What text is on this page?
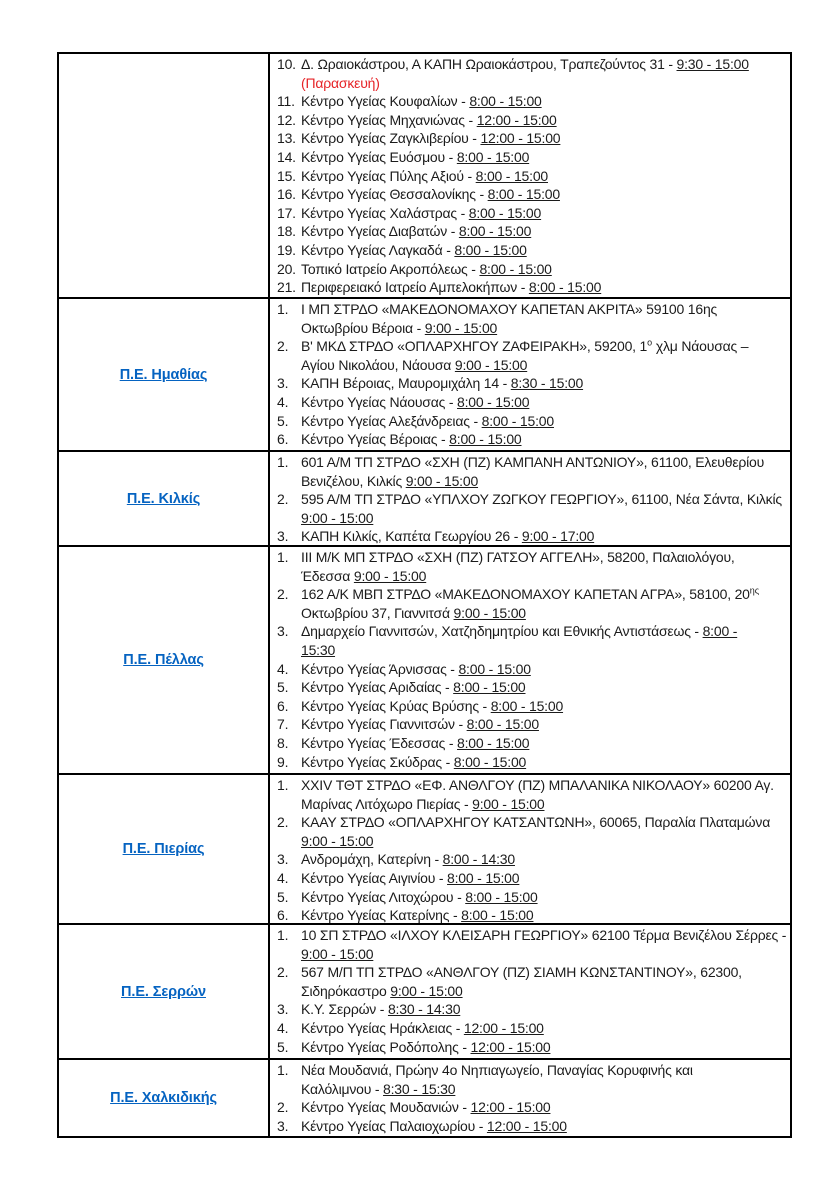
10. Δ. Ωραιοκάστρου, Α ΚΑΠΗ Ωραιοκάστρου, Τραπεζούντος 31 - 9:30 - 15:00
(Παρασκευή)
11. Κέντρο Υγείας Κουφαλίων - 8:00 - 15:00
12. Κέντρο Υγείας Μηχανιώνας - 12:00 - 15:00
13. Κέντρο Υγείας Ζαγκλιβερίου - 12:00 - 15:00
14. Κέντρο Υγείας Ευόσμου - 8:00 - 15:00
15. Κέντρο Υγείας Πύλης Αξιού - 8:00 - 15:00
16. Κέντρο Υγείας Θεσσαλονίκης - 8:00 - 15:00
17. Κέντρο Υγείας Χαλάστρας - 8:00 - 15:00
18. Κέντρο Υγείας Διαβατών - 8:00 - 15:00
19. Κέντρο Υγείας Λαγκαδά - 8:00 - 15:00
20. Τοπικό Ιατρείο Ακροπόλεως - 8:00 - 15:00
21. Περιφερειακό Ιατρείο Αμπελοκήπων - 8:00 - 15:00
Π.Ε. Ημαθίας
1. Ι ΜΠ ΣΤΡΔΟ «ΜΑΚΕΔΟΝΟΜΑΧΟΥ ΚΑΠΕΤΑΝ ΑΚΡΙΤΑ» 59100 16ης
Οκτωβρίου Βέροια - 9:00 - 15:00
2. Β' ΜΚΔ ΣΤΡΔΟ «ΟΠΛΑΡΧΗΓΟΥ ΖΑΦΕΙΡΑΚΗ», 59200, $1^o$ χλμ Νάουσας –
Αγίου Νικολάου, Νάουσα 9:00 - 15:00
3. ΚΑΠΗ Βέροιας, Μαυρομιχάλη 14 - 8:30 - 15:00
4. Κέντρο Υγείας Νάουσας - 8:00 - 15:00
5. Κέντρο Υγείας Αλεξάνδρειας - 8:00 - 15:00
6. Κέντρο Υγείας Βέροιας - 8:00 - 15:00
Π.Ε. Κιλκίς
1. 601 Α/Μ ΤΠ ΣΤΡΔΟ «ΣΧΗ (ΠΖ) ΚΑΜΠΑΝΗ ΑΝΤΩΝΙΟΥ», 61100, Ελευθερίου
Βενιζέλου, Κιλκίς 9:00 - 15:00
2. 595 Α/Μ ΤΠ ΣΤΡΔΟ «ΥΠΛΧΟΥ ΖΩΓΚΟΥ ΓΕΩΡΓΙΟΥ», 61100, Νέα Σάντα, Κιλκίς
9:00 - 15:00
3. ΚΑΠΗ Κιλκίς, Καπέτα Γεωργίου 26 - 9:00 - 17:00
Π.Ε. Πέλλας
1. ΙΙΙ Μ/Κ ΜΠ ΣΤΡΔΟ «ΣΧΗ (ΠΖ) ΓΑΤΣΟΥ ΑΓΓΕΛΗ», 58200, Παλαιολόγου,
Έδεσσα 9:00 - 15:00
2. 162 Α/Κ ΜΒΠ ΣΤΡΔΟ «ΜΑΚΕΔΟΝΟΜΑΧΟΥ ΚΑΠΕΤΑΝ ΑΓΡΑ», 58100, $20^{\eta\varsigma}$
Οκτωβρίου 37, Γιαννιτσά 9:00 - 15:00
3. Δημαρχείο Γιαννιτσών, Χατζηδημητρίου και Εθνικής Αντιστάσεως - 8:00 -
15:30
4. Κέντρο Υγείας Άρνισσας - 8:00 - 15:00
5. Κέντρο Υγείας Αριδαίας - 8:00 - 15:00
6. Κέντρο Υγείας Κρύας Βρύσης - 8:00 - 15:00
7. Κέντρο Υγείας Γιαννιτσών - 8:00 - 15:00
8. Κέντρο Υγείας Έδεσσας - 8:00 - 15:00
9. Κέντρο Υγείας Σκύδρας - 8:00 - 15:00
Π.Ε. Πιερίας
1. XXIV ΤΘΤ ΣΤΡΔΟ «ΕΦ. ΑΝΘΛΓΟΥ (ΠΖ) ΜΠΑΛΑΝΙΚΑ ΝΙΚΟΛΑΟΥ» 60200 Αγ.
Μαρίνας Λιτόχωρο Πιερίας - 9:00 - 15:00
2. ΚΑΑΥ ΣΤΡΔΟ «ΟΠΛΑΡΧΗΓΟΥ ΚΑΤΣΑΝΤΩΝΗ», 60065, Παραλία Πλαταμώνα
9:00 - 15:00
3. Ανδρομάχη, Κατερίνη - 8:00 - 14:30
4. Κέντρο Υγείας Αιγινίου - 8:00 - 15:00
5. Κέντρο Υγείας Λιτοχώρου - 8:00 - 15:00
6. Κέντρο Υγείας Κατερίνης - 8:00 - 15:00
Π.Ε. Σερρών
1. 10 ΣΠ ΣΤΡΔΟ «ΙΛΧΟΥ ΚΛΕΙΣΑΡΗ ΓΕΩΡΓΙΟΥ» 62100 Τέρμα Βενιζέλου Σέρρες -
9:00 - 15:00
2. 567 Μ/Π ΤΠ ΣΤΡΔΟ «ΑΝΘΛΓΟΥ (ΠΖ) ΣΙΑΜΗ ΚΩΝΣΤΑΝΤΙΝΟΥ», 62300,
Σιδηρόκαστρο 9:00 - 15:00
3. Κ.Υ. Σερρών - 8:30 - 14:30
4. Κέντρο Υγείας Ηράκλειας - 12:00 - 15:00
5. Κέντρο Υγείας Ροδόπολης - 12:00 - 15:00
Π.Ε. Χαλκιδικής
1. Νέα Μουδανιά, Πρώην 4ο Νηπιαγωγείο, Παναγίας Κορυφινής και
Καλόλιμνου - 8:30 - 15:30
2. Κέντρο Υγείας Μουδανιών - 12:00 - 15:00
3. Κέντρο Υγείας Παλαιοχωρίου - 12:00 - 15:00
